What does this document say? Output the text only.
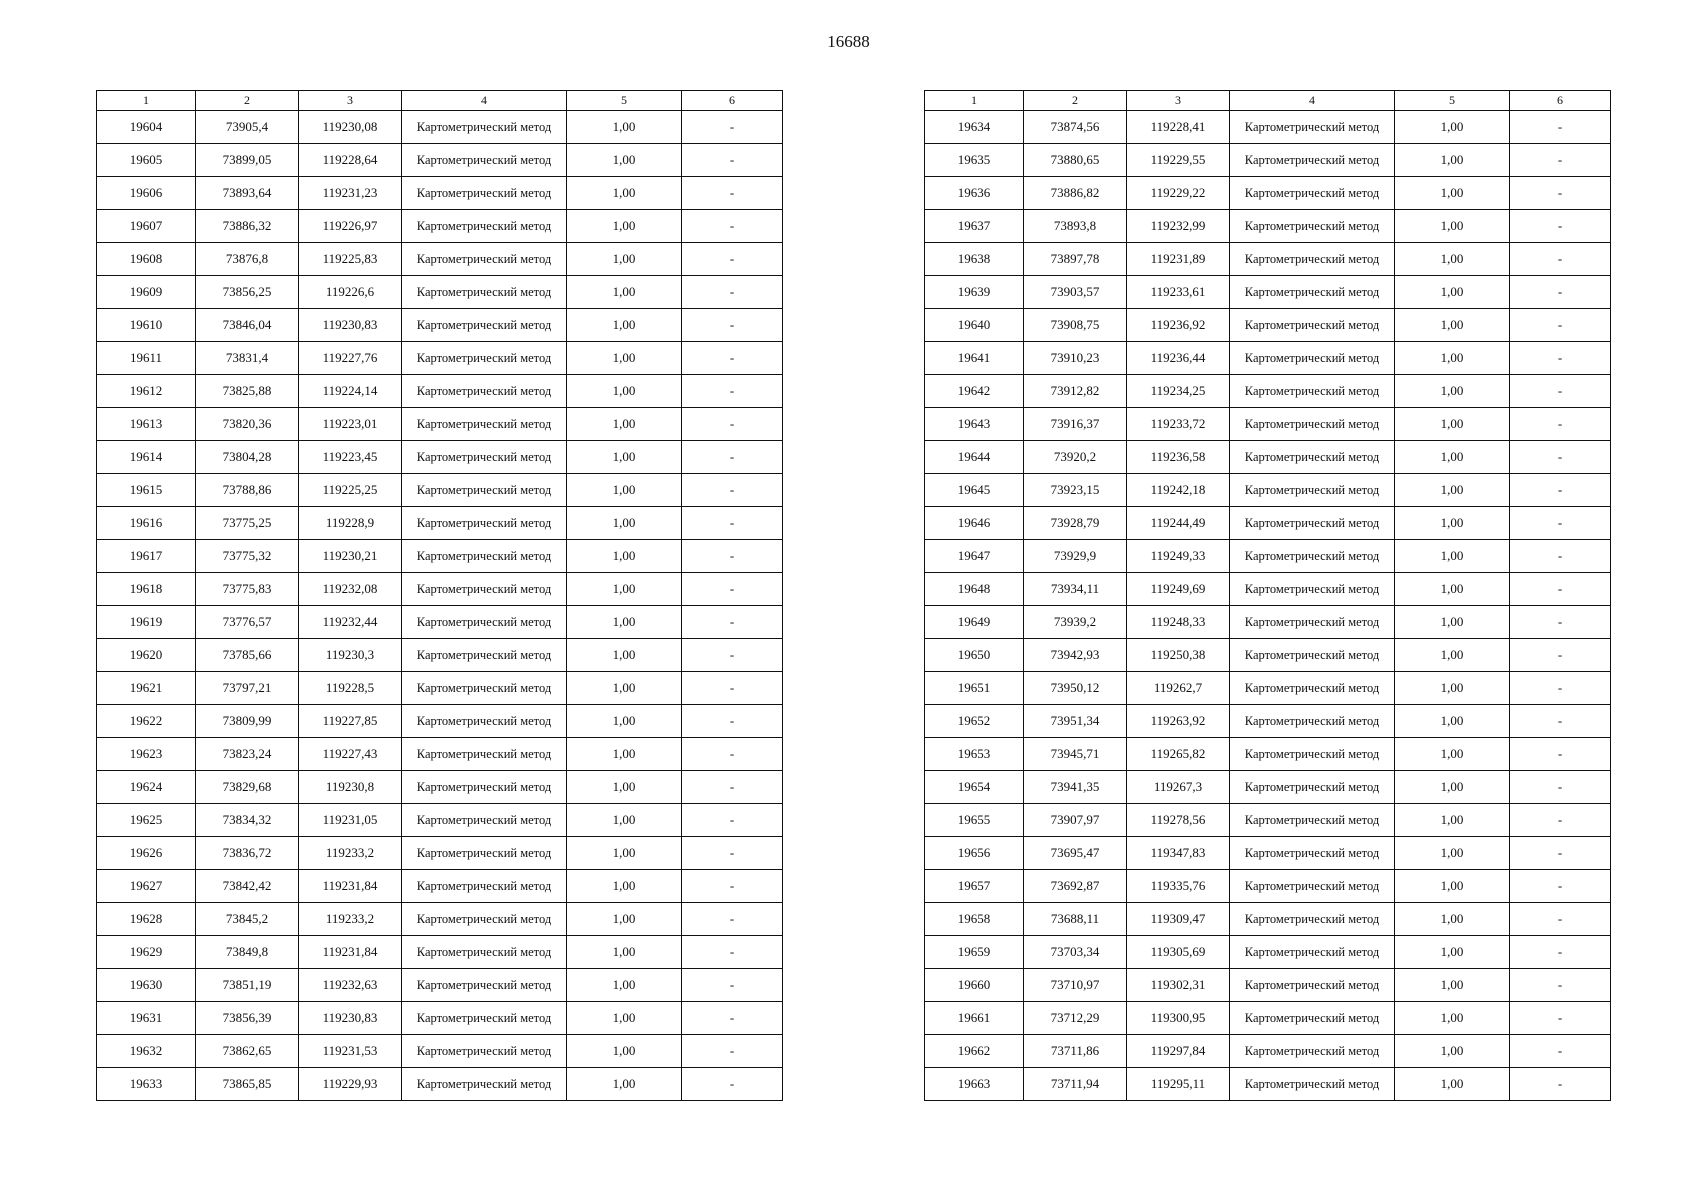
16688
1	2	3	4	5	6
19604	73905,4	119230,08	Картометрический метод	1,00	-
19605	73899,05	119228,64	Картометрический метод	1,00	-
19606	73893,64	119231,23	Картометрический метод	1,00	-
19607	73886,32	119226,97	Картометрический метод	1,00	-
19608	73876,8	119225,83	Картометрический метод	1,00	-
19609	73856,25	119226,6	Картометрический метод	1,00	-
19610	73846,04	119230,83	Картометрический метод	1,00	-
19611	73831,4	119227,76	Картометрический метод	1,00	-
19612	73825,88	119224,14	Картометрический метод	1,00	-
19613	73820,36	119223,01	Картометрический метод	1,00	-
19614	73804,28	119223,45	Картометрический метод	1,00	-
19615	73788,86	119225,25	Картометрический метод	1,00	-
19616	73775,25	119228,9	Картометрический метод	1,00	-
19617	73775,32	119230,21	Картометрический метод	1,00	-
19618	73775,83	119232,08	Картометрический метод	1,00	-
19619	73776,57	119232,44	Картометрический метод	1,00	-
19620	73785,66	119230,3	Картометрический метод	1,00	-
19621	73797,21	119228,5	Картометрический метод	1,00	-
19622	73809,99	119227,85	Картометрический метод	1,00	-
19623	73823,24	119227,43	Картометрический метод	1,00	-
19624	73829,68	119230,8	Картометрический метод	1,00	-
19625	73834,32	119231,05	Картометрический метод	1,00	-
19626	73836,72	119233,2	Картометрический метод	1,00	-
19627	73842,42	119231,84	Картометрический метод	1,00	-
19628	73845,2	119233,2	Картометрический метод	1,00	-
19629	73849,8	119231,84	Картометрический метод	1,00	-
19630	73851,19	119232,63	Картометрический метод	1,00	-
19631	73856,39	119230,83	Картометрический метод	1,00	-
19632	73862,65	119231,53	Картометрический метод	1,00	-
19633	73865,85	119229,93	Картометрический метод	1,00	-
1	2	3	4	5	6
19634	73874,56	119228,41	Картометрический метод	1,00	-
19635	73880,65	119229,55	Картометрический метод	1,00	-
19636	73886,82	119229,22	Картометрический метод	1,00	-
19637	73893,8	119232,99	Картометрический метод	1,00	-
19638	73897,78	119231,89	Картометрический метод	1,00	-
19639	73903,57	119233,61	Картометрический метод	1,00	-
19640	73908,75	119236,92	Картометрический метод	1,00	-
19641	73910,23	119236,44	Картометрический метод	1,00	-
19642	73912,82	119234,25	Картометрический метод	1,00	-
19643	73916,37	119233,72	Картометрический метод	1,00	-
19644	73920,2	119236,58	Картометрический метод	1,00	-
19645	73923,15	119242,18	Картометрический метод	1,00	-
19646	73928,79	119244,49	Картометрический метод	1,00	-
19647	73929,9	119249,33	Картометрический метод	1,00	-
19648	73934,11	119249,69	Картометрический метод	1,00	-
19649	73939,2	119248,33	Картометрический метод	1,00	-
19650	73942,93	119250,38	Картометрический метод	1,00	-
19651	73950,12	119262,7	Картометрический метод	1,00	-
19652	73951,34	119263,92	Картометрический метод	1,00	-
19653	73945,71	119265,82	Картометрический метод	1,00	-
19654	73941,35	119267,3	Картометрический метод	1,00	-
19655	73907,97	119278,56	Картометрический метод	1,00	-
19656	73695,47	119347,83	Картометрический метод	1,00	-
19657	73692,87	119335,76	Картометрический метод	1,00	-
19658	73688,11	119309,47	Картометрический метод	1,00	-
19659	73703,34	119305,69	Картометрический метод	1,00	-
19660	73710,97	119302,31	Картометрический метод	1,00	-
19661	73712,29	119300,95	Картометрический метод	1,00	-
19662	73711,86	119297,84	Картометрический метод	1,00	-
19663	73711,94	119295,11	Картометрический метод	1,00	-
